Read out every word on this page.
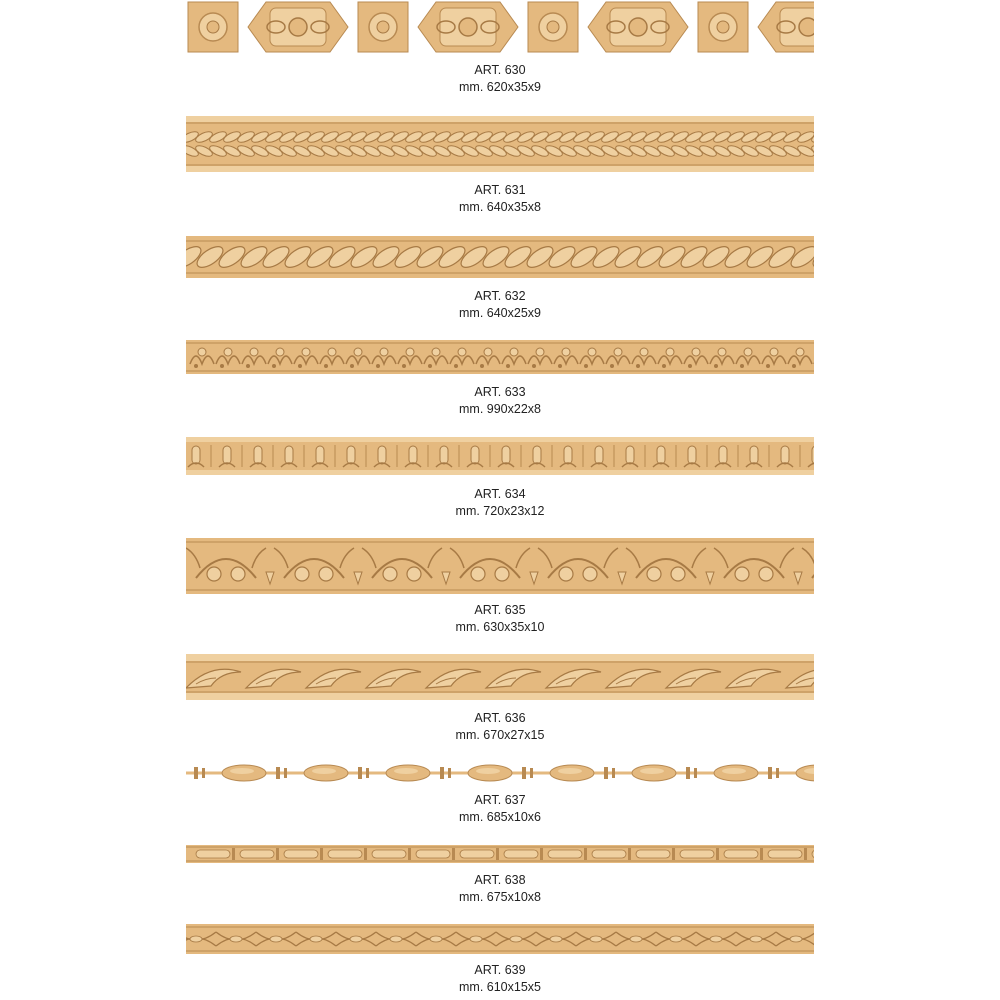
ART. 630
mm. 620x35x9
ART. 631
mm. 640x35x8
ART. 632
mm. 640x25x9
ART. 633
mm. 990x22x8
ART. 634
mm. 720x23x12
ART. 635
mm. 630x35x10
ART. 636
mm. 670x27x15
ART. 637
mm. 685x10x6
ART. 638
mm. 675x10x8
ART. 639
mm. 610x15x5
